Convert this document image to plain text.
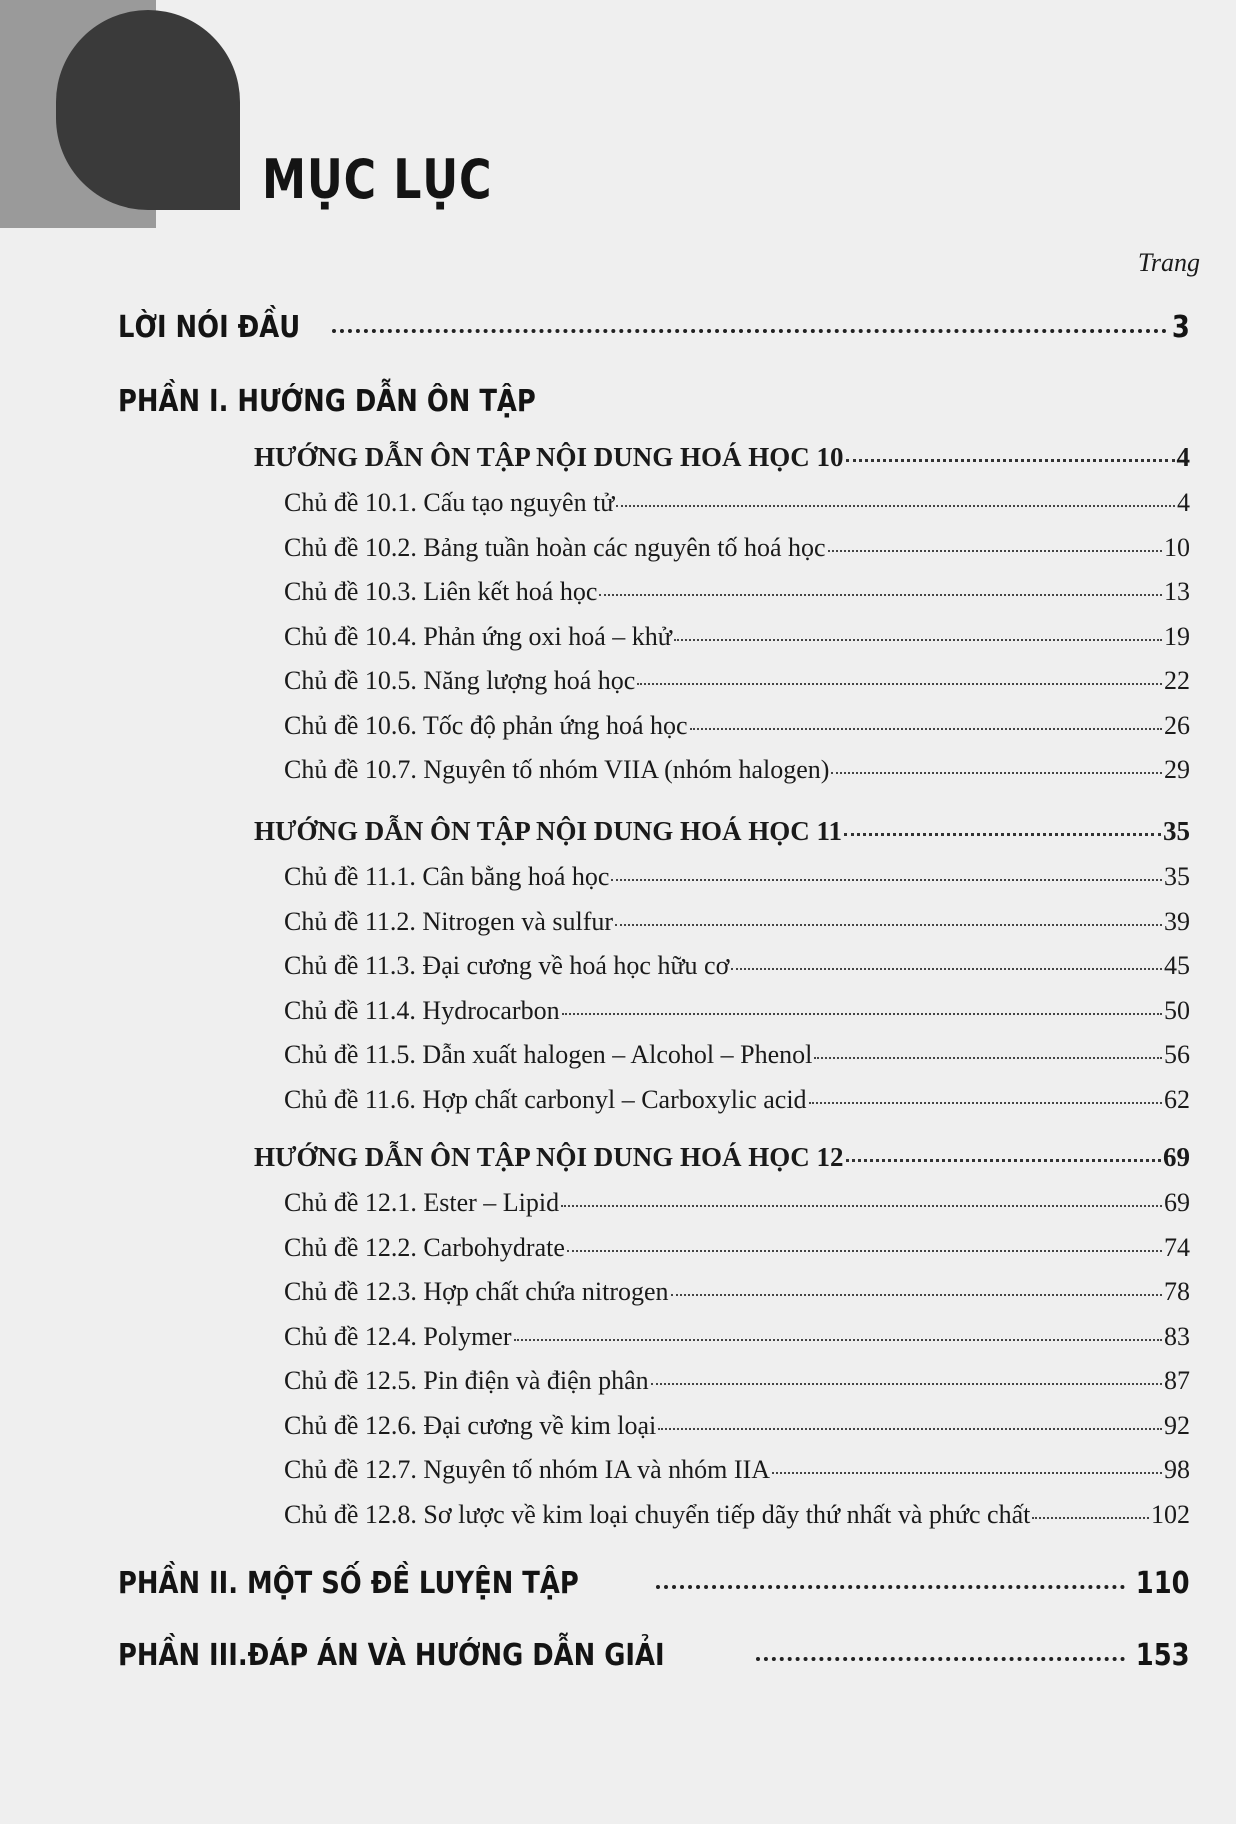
MỤC LỤC
Trang
LỜI NÓI ĐẦU	3
PHẦN I. HƯỚNG DẪN ÔN TẬP
HƯỚNG DẪN ÔN TẬP NỘI DUNG HOÁ HỌC 10	4
Chủ đề 10.1. Cấu tạo nguyên tử	4
Chủ đề 10.2. Bảng tuần hoàn các nguyên tố hoá học	10
Chủ đề 10.3. Liên kết hoá học	13
Chủ đề 10.4. Phản ứng oxi hoá – khử	19
Chủ đề 10.5. Năng lượng hoá học	22
Chủ đề 10.6. Tốc độ phản ứng hoá học	26
Chủ đề 10.7. Nguyên tố nhóm VIIA (nhóm halogen)	29
HƯỚNG DẪN ÔN TẬP NỘI DUNG HOÁ HỌC 11	35
Chủ đề 11.1. Cân bằng hoá học	35
Chủ đề 11.2. Nitrogen và sulfur	39
Chủ đề 11.3. Đại cương về hoá học hữu cơ	45
Chủ đề 11.4. Hydrocarbon	50
Chủ đề 11.5. Dẫn xuất halogen – Alcohol – Phenol	56
Chủ đề 11.6. Hợp chất carbonyl – Carboxylic acid	62
HƯỚNG DẪN ÔN TẬP NỘI DUNG HOÁ HỌC 12	69
Chủ đề 12.1. Ester – Lipid	69
Chủ đề 12.2. Carbohydrate	74
Chủ đề 12.3. Hợp chất chứa nitrogen	78
Chủ đề 12.4. Polymer	83
Chủ đề 12.5. Pin điện và điện phân	87
Chủ đề 12.6. Đại cương về kim loại	92
Chủ đề 12.7. Nguyên tố nhóm IA và nhóm IIA	98
Chủ đề 12.8. Sơ lược về kim loại chuyển tiếp dãy thứ nhất và phức chất	102
PHẦN II. MỘT SỐ ĐỀ LUYỆN TẬP	110
PHẦN III.ĐÁP ÁN VÀ HƯỚNG DẪN GIẢI	153
